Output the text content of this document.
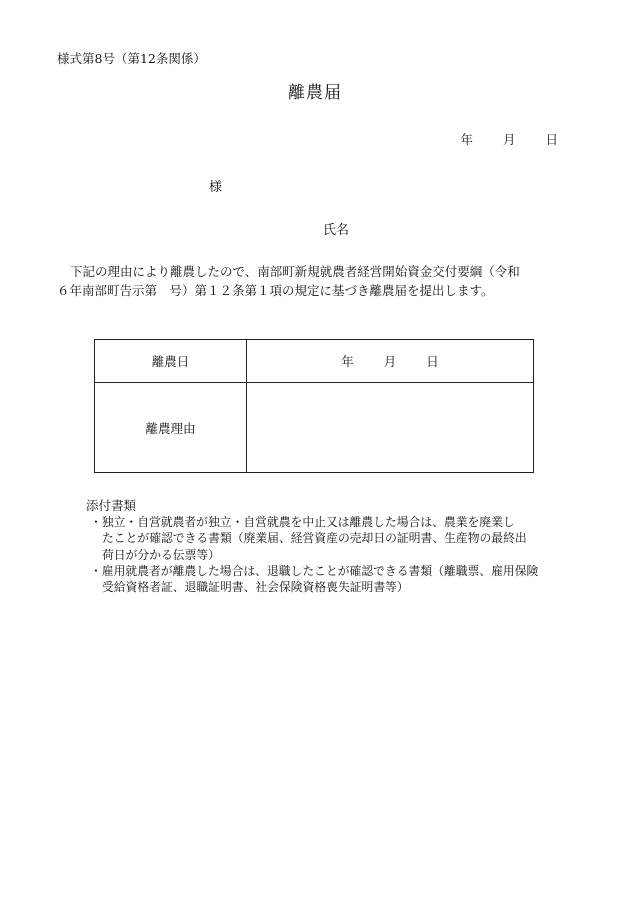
様式第8号（第12条関係）
離農届
年 月 日
様
氏名
下記の理由により離農したので、南部町新規就農者経営開始資金交付要綱（令和
６年南部町告示第　号）第１２条第１項の規定に基づき離農届を提出します。
離農日	年 月 日
離農理由	
添付書類
・独立・自営就農者が独立・自営就農を中止又は離農した場合は、農業を廃業し
たことが確認できる書類（廃業届、経営資産の売却日の証明書、生産物の最終出
荷日が分かる伝票等）
・雇用就農者が離農した場合は、退職したことが確認できる書類（離職票、雇用保険
受給資格者証、退職証明書、社会保険資格喪失証明書等）
